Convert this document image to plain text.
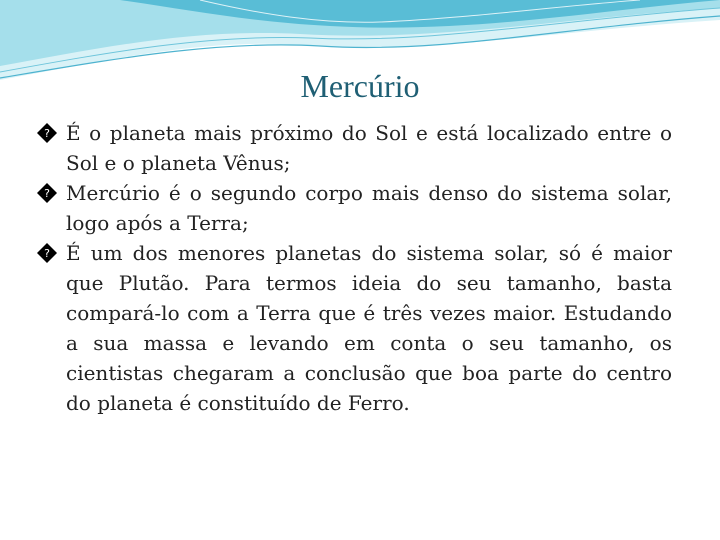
Mercúrio
? É o planeta mais próximo do Sol e está localizado entre o Sol e o planeta Vênus;
? Mercúrio é o segundo corpo mais denso do sistema solar, logo após a Terra;
? É um dos menores planetas do sistema solar, só é maior que Plutão. Para termos ideia do seu tamanho, basta compará-lo com a Terra que é três vezes maior. Estudando a sua massa e levando em conta o seu tamanho, os cientistas chegaram a conclusão que boa parte do centro do planeta é constituído de Ferro.
